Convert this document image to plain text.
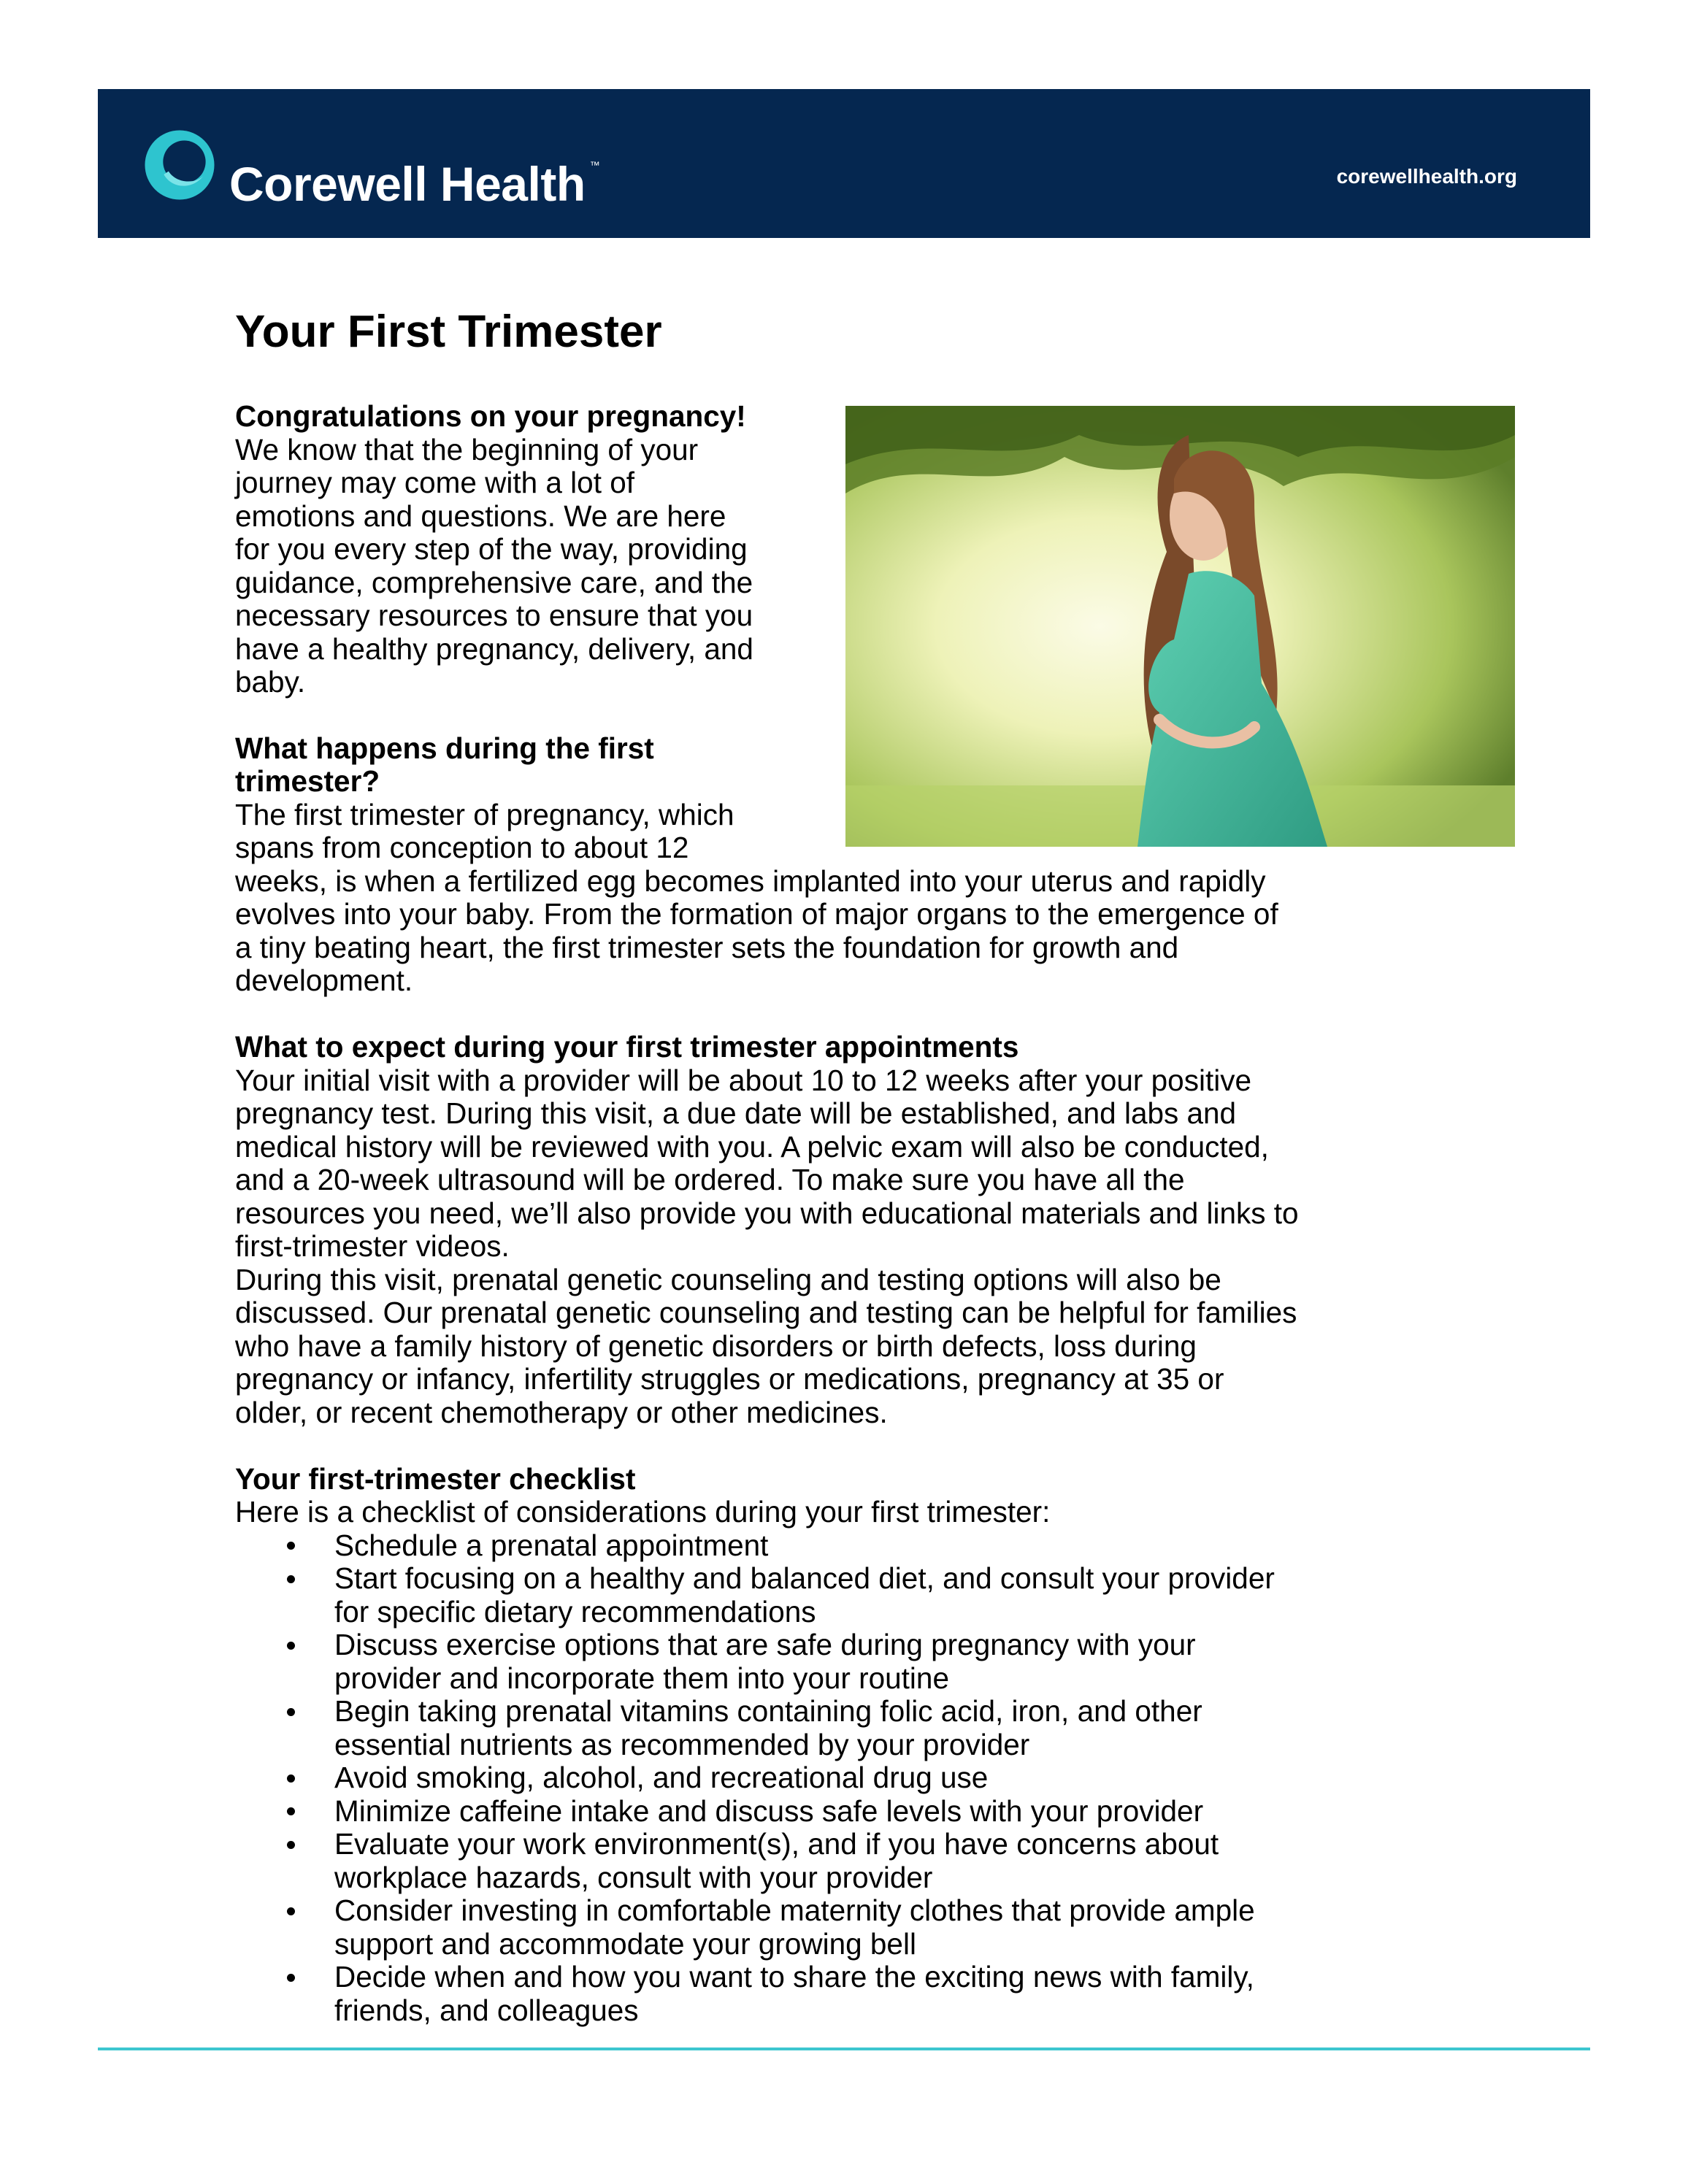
Corewell Health ™	corewellhealth.org
Your First Trimester
Congratulations on your pregnancy!
We know that the beginning of your
journey may come with a lot of
emotions and questions. We are here
for you every step of the way, providing
guidance, comprehensive care, and the
necessary resources to ensure that you
have a healthy pregnancy, delivery, and
baby.
What happens during the first
trimester?
The first trimester of pregnancy, which
spans from conception to about 12
weeks, is when a fertilized egg becomes implanted into your uterus and rapidly
evolves into your baby. From the formation of major organs to the emergence of
a tiny beating heart, the first trimester sets the foundation for growth and
development.
What to expect during your first trimester appointments
Your initial visit with a provider will be about 10 to 12 weeks after your positive
pregnancy test. During this visit, a due date will be established, and labs and
medical history will be reviewed with you. A pelvic exam will also be conducted,
and a 20-week ultrasound will be ordered. To make sure you have all the
resources you need, we’ll also provide you with educational materials and links to
first-trimester videos.
During this visit, prenatal genetic counseling and testing options will also be
discussed. Our prenatal genetic counseling and testing can be helpful for families
who have a family history of genetic disorders or birth defects, loss during
pregnancy or infancy, infertility struggles or medications, pregnancy at 35 or
older, or recent chemotherapy or other medicines.
Your first-trimester checklist
Here is a checklist of considerations during your first trimester:
Schedule a prenatal appointment
Start focusing on a healthy and balanced diet, and consult your provider
for specific dietary recommendations
Discuss exercise options that are safe during pregnancy with your
provider and incorporate them into your routine
Begin taking prenatal vitamins containing folic acid, iron, and other
essential nutrients as recommended by your provider
Avoid smoking, alcohol, and recreational drug use
Minimize caffeine intake and discuss safe levels with your provider
Evaluate your work environment(s), and if you have concerns about
workplace hazards, consult with your provider
Consider investing in comfortable maternity clothes that provide ample
support and accommodate your growing bell
Decide when and how you want to share the exciting news with family,
friends, and colleagues
